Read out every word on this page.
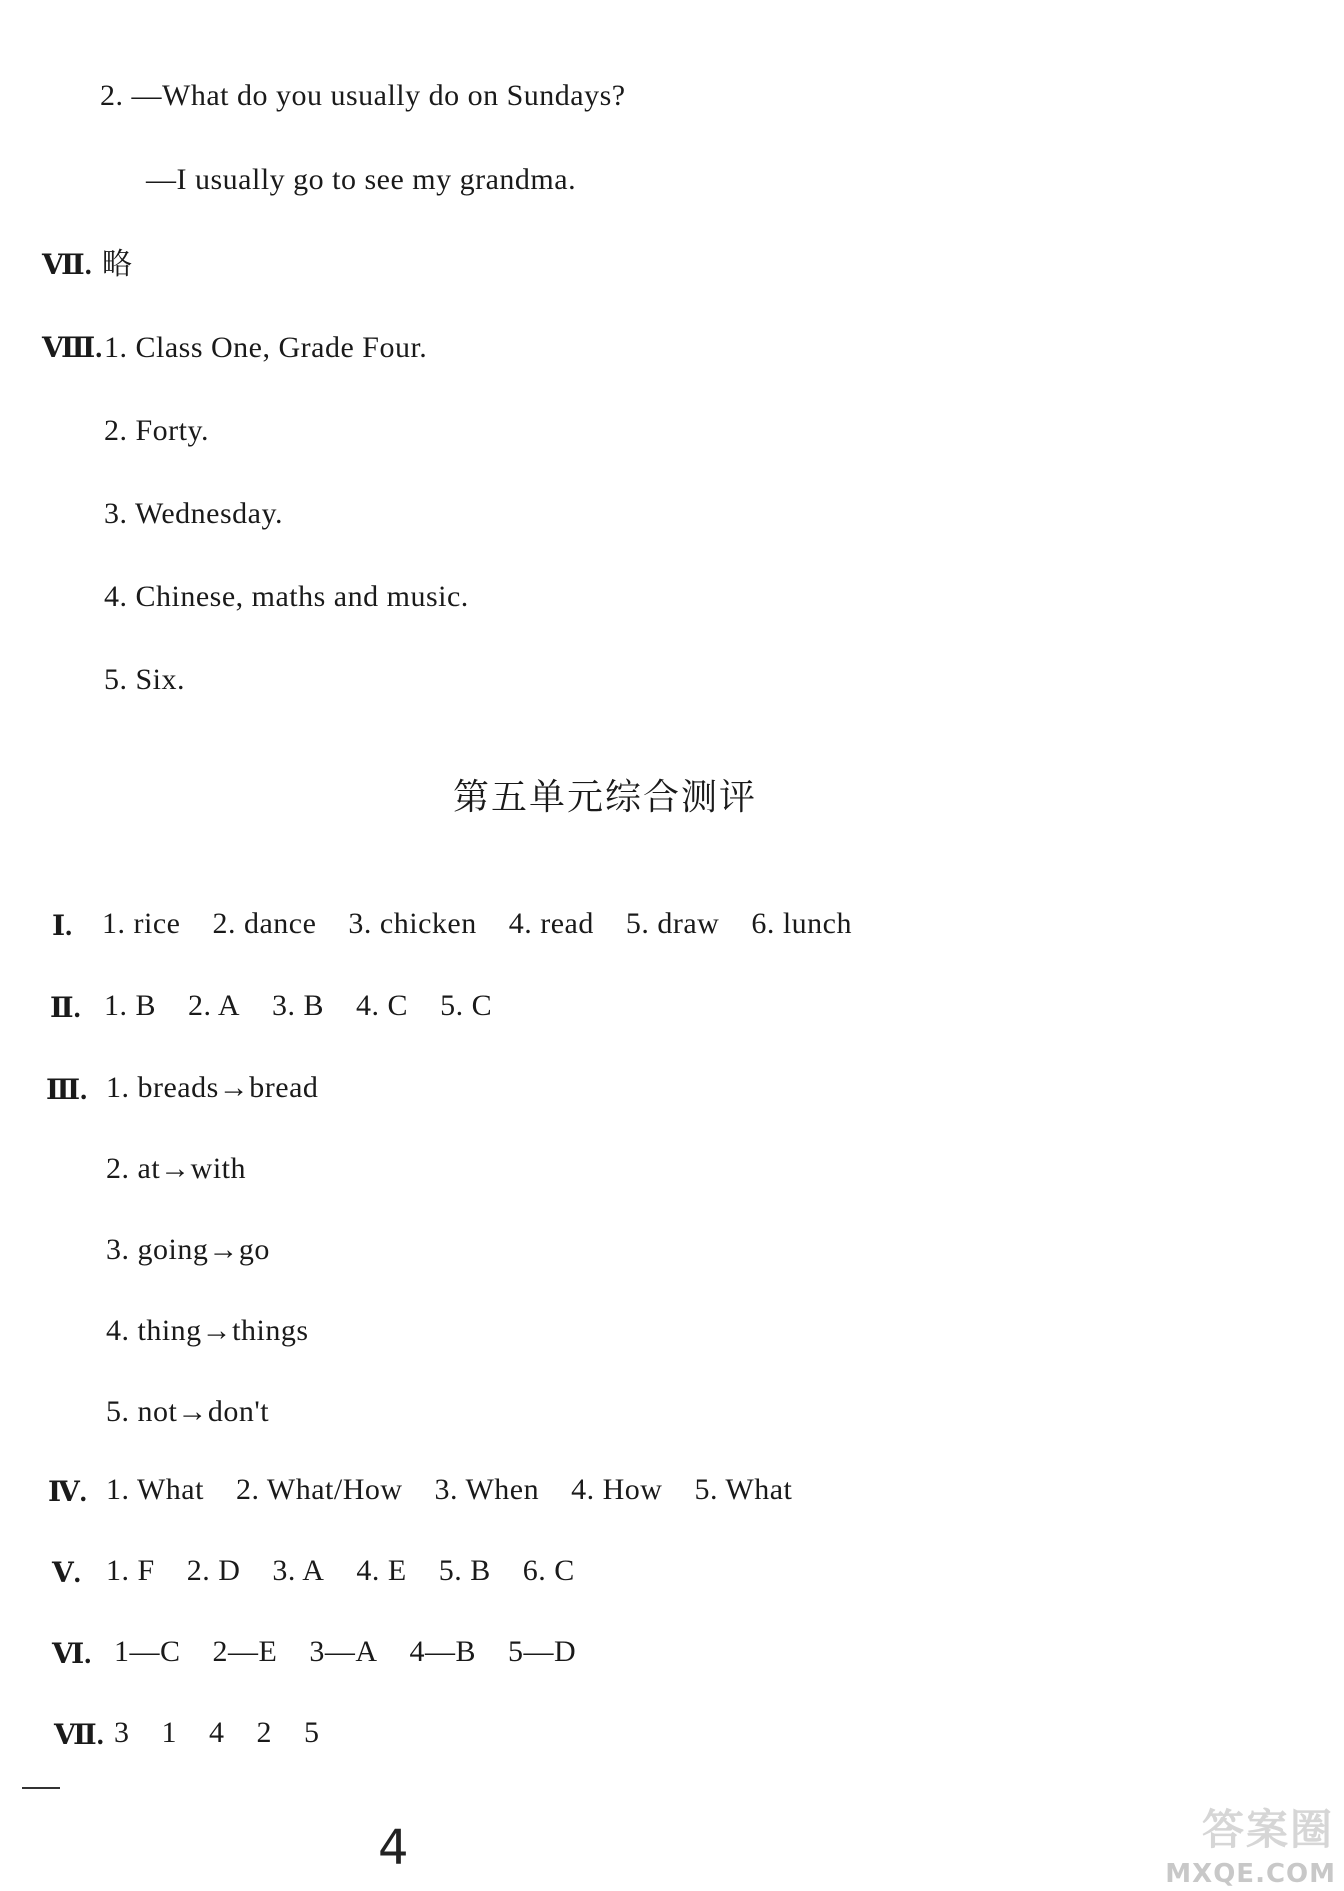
2. —What do you usually do on Sundays?
—I usually go to see my grandma.
Ⅶ. 略
Ⅷ. 1. Class One, Grade Four.
2. Forty.
3. Wednesday.
4. Chinese, maths and music.
5. Six.
第五单元综合测评
Ⅰ. 1. rice 2. dance 3. chicken 4. read 5. draw 6. lunch
Ⅱ. 1. B 2. A 3. B 4. C 5. C
Ⅲ. 1. breads→bread
2. at→with
3. going→go
4. thing→things
5. not→don't
Ⅳ. 1. What 2. What/How 3. When 4. How 5. What
Ⅴ. 1. F 2. D 3. A 4. E 5. B 6. C
Ⅵ. 1—C 2—E 3—A 4—B 5—D
Ⅶ. 3 1 4 2 5
4	答案圈
MXQE.COM
